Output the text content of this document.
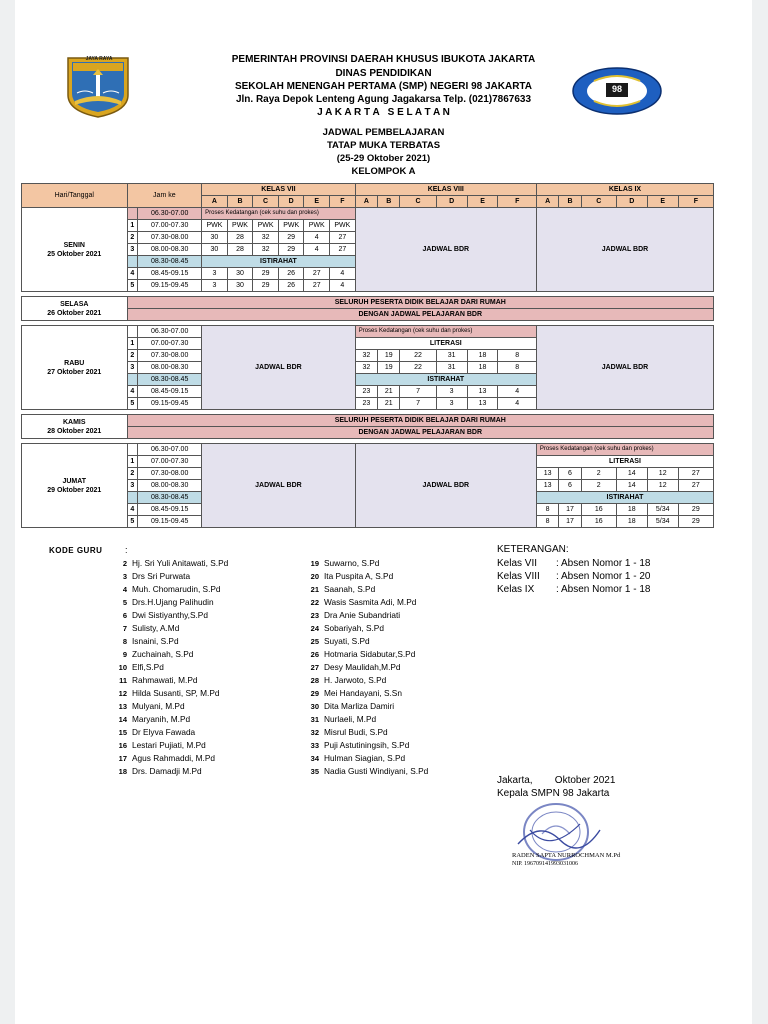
JAYA RAYA
98
PEMERINTAH PROVINSI DAERAH KHUSUS IBUKOTA JAKARTA
DINAS PENDIDIKAN
SEKOLAH MENENGAH PERTAMA (SMP) NEGERI 98 JAKARTA
Jln. Raya Depok Lenteng Agung Jagakarsa Telp. (021)7867633
J A K A R T A   S E L A T A N
JADWAL PEMBELAJARAN
TATAP MUKA TERBATAS
(25-29 Oktober 2021)
KELOMPOK A
Hari/Tanggal	Jam ke		KELAS VII						KELAS VIII						KELAS IX					
			A	B	C	D	E	F	A	B	C	D	E	F	A	B	C	D	E	F

SENIN
25 Oktober 2021		06.30-07.00	Proses Kedatangan (cek suhu dan prokes)						JADWAL BDR						JADWAL BDR					
	1	07.00-07.30	PWK	PWK	PWK	PWK	PWK	PWK												
	2	07.30-08.00	30	28	32	29	4	27												
	3	08.00-08.30	30	28	32	29	4	27												
		08.30-08.45	ISTIRAHAT																	
	4	08.45-09.15	3	30	29	26	27	4												
	5	09.15-09.45	3	30	29	26	27	4												

SELASA
26 Oktober 2021	SELURUH PESERTA DIDIK BELAJAR DARI RUMAH																			
	DENGAN JADWAL PELAJARAN BDR																			

RABU
27 Oktober 2021		06.30-07.00	JADWAL BDR						Proses Kedatangan (cek suhu dan prokes)						JADWAL BDR					
	1	07.00-07.30							LITERASI											
	2	07.30-08.00							32	19	22	31	18	8						
	3	08.00-08.30							32	19	22	31	18	8						
		08.30-08.45							ISTIRAHAT											
	4	08.45-09.15							23	21	7	3	13	4						
	5	09.15-09.45							23	21	7	3	13	4						

KAMIS
28 Oktober 2021	SELURUH PESERTA DIDIK BELAJAR DARI RUMAH																			
	DENGAN JADWAL PELAJARAN BDR																			

JUMAT
29 Oktober 2021		06.30-07.00	JADWAL BDR						JADWAL BDR						Proses Kedatangan (cek suhu dan prokes)					
	1	07.00-07.30													LITERASI					
	2	07.30-08.00													13	6	2	14	12	27
	3	08.00-08.30													13	6	2	14	12	27
		08.30-08.45													ISTIRAHAT					
	4	08.45-09.15													8	17	16	18	5/34	29
	5	09.15-09.45													8	17	16	18	5/34	29
KODE GURU	:
2 Hj. Sri Yuli Anitawati, S.Pd
3 Drs Sri Purwata
4 Muh. Chomarudin, S.Pd
5 Drs.H.Ujang Palihudin
6 Dwi Sistiyanthy,S.Pd
7 Sulisty, A.Md
8 Isnaini, S.Pd
9 Zuchainah, S.Pd
10 Elfi,S.Pd
11 Rahmawati, M.Pd
12 Hilda Susanti, SP, M.Pd
13 Mulyani, M.Pd
14 Maryanih, M.Pd
15 Dr Elyva Fawada
16 Lestari Pujiati, M.Pd
17 Agus Rahmaddi, M.Pd
18 Drs. Damadji M.Pd
19 Suwarno, S.Pd
20 Ita Puspita A, S.Pd
21 Saanah, S.Pd
22 Wasis Sasmita Adi, M.Pd
23 Dra Anie Subandriati
24 Sobariyah, S.Pd
25 Suyati, S.Pd
26 Hotmaria Sidabutar,S.Pd
27 Desy Maulidah,M.Pd
28 H. Jarwoto, S.Pd
29 Mei Handayani, S.Sn
30 Dita Marliza Damiri
31 Nurlaeli, M.Pd
32 Misrul Budi, S.Pd
33 Puji Astutiningsih, S.Pd
34 Hulman Siagian, S.Pd
35 Nadia Gusti Windiyani, S.Pd
KETERANGAN:
Kelas VII : Absen Nomor 1 - 18
Kelas VIII : Absen Nomor 1 - 20
Kelas IX : Absen Nomor 1 - 18
Jakarta,        Oktober 2021
Kepala SMPN 98 Jakarta
RADEN SAPTA NURROCHMAN M.Pd
NIP. 196709141993031006
